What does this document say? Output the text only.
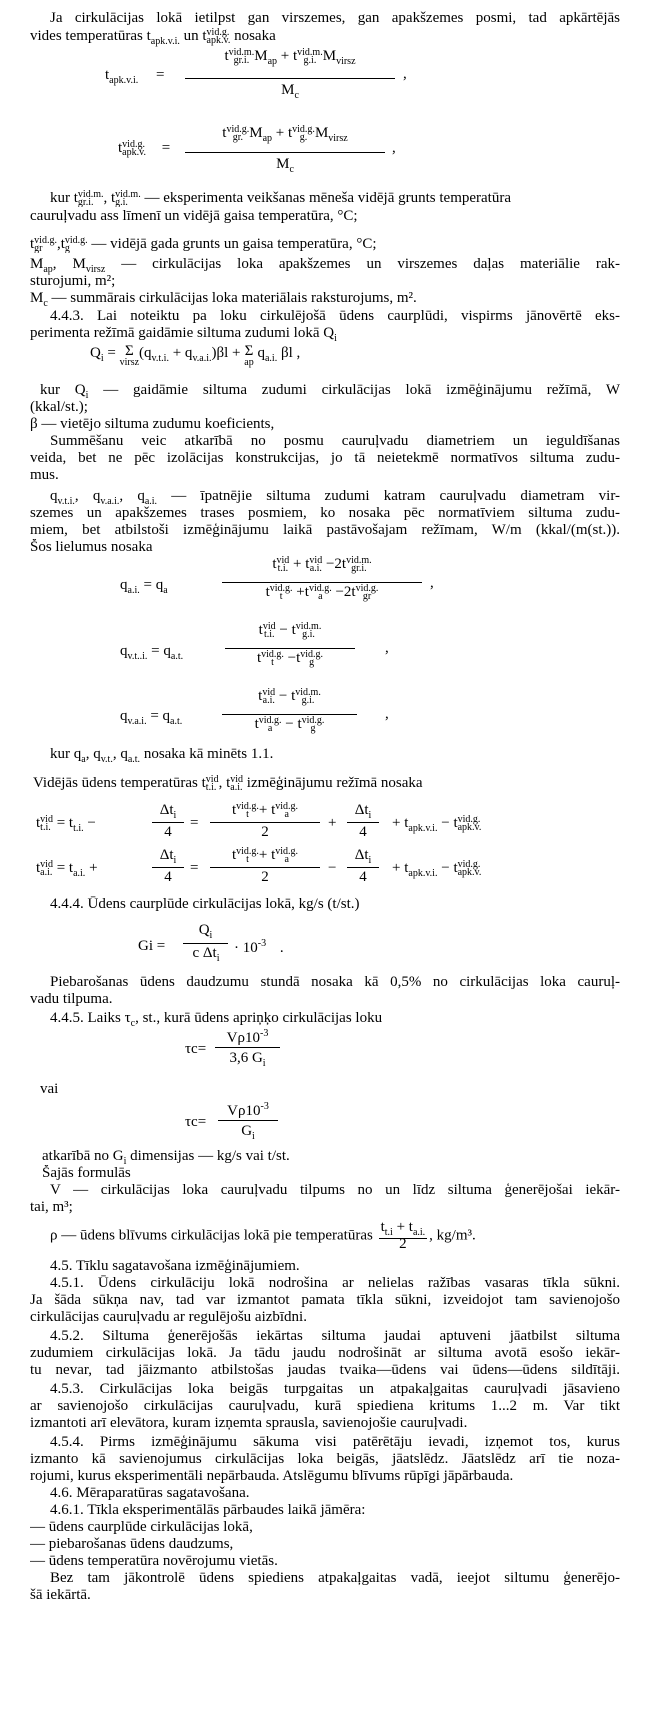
Ja cirkulācijas lokā ietilpst gan virszemes, gan apakšzemes posmi, tad apkārtējās
vides temperatūras $t_{apk.v.i.}$ un t vid.g.
apk.v. nosaka
$t_{apk.v.i.}$ =
t vid.m.
gr.i. $M_{ap} + t$ vid.m.
g.i. $M_{virsz}$
$M_c$
,
t vid.g.
apk.v. =
t vid.g.
gr. $M_{ap} + t$ vid.g.
g. $M_{virsz}$
$M_c$
,
kur t vid.m.
gr.i. , t vid.m.
g.i.	— eksperimenta veikšanas mēneša vidējā grunts temperatūra
cauruļvadu ass līmenī un vidējā gaisa temperatūra, °C;
t vid.g.
gr ,t vid.g.
g	— vidējā gada grunts un gaisa temperatūra, °C;
$M_{ap}$, $M_{virsz}$ — cirkulācijas loka apakšzemes un virszemes daļas materiālie rak-
sturojumi, m²;
$M_c$ — summārais cirkulācijas loka materiālais raksturojums, m².
4.4.3. Lai noteiktu pa loku cirkulējošā ūdens caurplūdi, vispirms jānovērtē eks-
perimenta režīmā gaidāmie siltuma zudumi lokā $Q_i$
$Q_i = \Sigma$
virsz
$(q_{v.t.i.} + q_{v.a.i.})\beta l + \Sigma$
ap
$q_{a.i.}$ βl ,
kur $Q_i$ — gaidāmie siltuma zudumi cirkulācijas lokā izmēģinājumu režīmā, W
(kkal/st.);
β — vietējo siltuma zudumu koeficients,
Summēšanu veic atkarībā no posmu cauruļvadu diametriem un ieguldīšanas
veida, bet ne pēc izolācijas konstrukcijas, jo tā neietekmē normatīvos siltuma zudu-
mus.
$q_{v.t.i.}$, $q_{v.a.i.}$, $q_{a.i.}$ — īpatnējie siltuma zudumi katram cauruļvadu diametram vir-
szemes un apakšzemes trases posmiem, ko nosaka pēc normatīviem siltuma zudu-
miem, bet atbilstoši izmēģinājumu laikā pastāvošajam režīmam, W/m (kkal/(m(st.)).
Šos lielumus nosaka
$q_{a.i.} = q_a$
t vid
t.i. + t vid
a.i. −2t vid.m.
gr.i.
t vid.g.
t +t vid.g.
a −2t vid.g.
gr
,
$q_{v.t..i.} = q_{a.t.}$
t vid
t.i. − t vid.m.
g.i.
t vid.g.
t −t vid.g.
g
,
$q_{v.a.i.} = q_{a.t.}$
t vid
a.i. − t vid.m.
g.i.
t vid.g.
a − t vid.g.
g
,
kur $q_a$, $q_{v.t.}$, $q_{a.t.}$ nosaka kā minēts 1.1.
Vidējās ūdens temperatūras t vid
t.i. , t vid
a.i. izmēģinājumu režīmā nosaka
t vid
t.i. = $t_{t.i.}$ −
$\Delta t_i$
4
=
t vid.g.
t + t vid.g.
a
2
+
$\Delta t_i$
4
+ $t_{apk.v.i.} - t$ vid.g.
apk.v.
t vid
a.i. = $t_{a.i.}$ +
$\Delta t_i$
4
=
t vid.g.
t + t vid.g.
a
2
−
$\Delta t_i$
4
+ $t_{apk.v.i.} - t$ vid.g.
apk.v.
4.4.4. Ūdens caurplūde cirkulācijas lokā, kg/s (t/st.)
Gi =
$Q_i$
c $\Delta t_i$
· $10^{-3}$ .
Piebarošanas ūdens daudzumu stundā nosaka kā 0,5% no cirkulācijas loka cauruļ-
vadu tilpuma.
4.4.5. Laiks $\tau_c$, st., kurā ūdens apriņķo cirkulācijas loku
τc=
$V\rho 10^{-3}$
3,6 $G_i$
vai
τc=
$V\rho 10^{-3}$
$G_i$
atkarībā no $G_i$ dimensijas — kg/s vai t/st.
Šajās formulās
V — cirkulācijas loka cauruļvadu tilpums no un līdz siltuma ģenerējošai iekār-
tai, m³;
ρ — ūdens blīvums cirkulācijas lokā pie temperatūras $\frac{t_{t.i} + t_{a.i.}}{2}$ , kg/m³.
4.5. Tīklu sagatavošana izmēģinājumiem.
4.5.1. Ūdens cirkulāciju lokā nodrošina ar nelielas ražības vasaras tīkla sūkni.
Ja šāda sūkņa nav, tad var izmantot pamata tīkla sūkni, izveidojot tam savienojošo
cirkulācijas cauruļvadu ar regulējošu aizbīdni.
4.5.2. Siltuma ģenerējošās iekārtas siltuma jaudai aptuveni jāatbilst siltuma
zudumiem cirkulācijas lokā. Ja tādu jaudu nodrošināt ar siltuma avotā esošo iekār-
tu nevar, tad jāizmanto atbilstošas jaudas tvaika—ūdens vai ūdens—ūdens sildītāji.
4.5.3. Cirkulācijas loka beigās turpgaitas un atpakaļgaitas cauruļvadi jāsavieno
ar savienojošo cirkulācijas cauruļvadu, kurā spiediena kritums 1...2 m. Var tikt
izmantoti arī elevātora, kuram izņemta sprausla, savienojošie cauruļvadi.
4.5.4. Pirms izmēģinājumu sākuma visi patērētāju ievadi, izņemot tos, kurus
izmanto kā savienojumus cirkulācijas loka beigās, jāatslēdz. Jāatslēdz arī tie noza-
rojumi, kurus eksperimentāli nepārbauda. Atslēgumu blīvums rūpīgi jāpārbauda.
4.6. Mēraparatūras sagatavošana.
4.6.1. Tīkla eksperimentālās pārbaudes laikā jāmēra:
— ūdens caurplūde cirkulācijas lokā,
— piebarošanas ūdens daudzums,
— ūdens temperatūra novērojumu vietās.
Bez tam jākontrolē ūdens spiediens atpakaļgaitas vadā, ieejot siltumu ģenerējo-
šā iekārtā.
